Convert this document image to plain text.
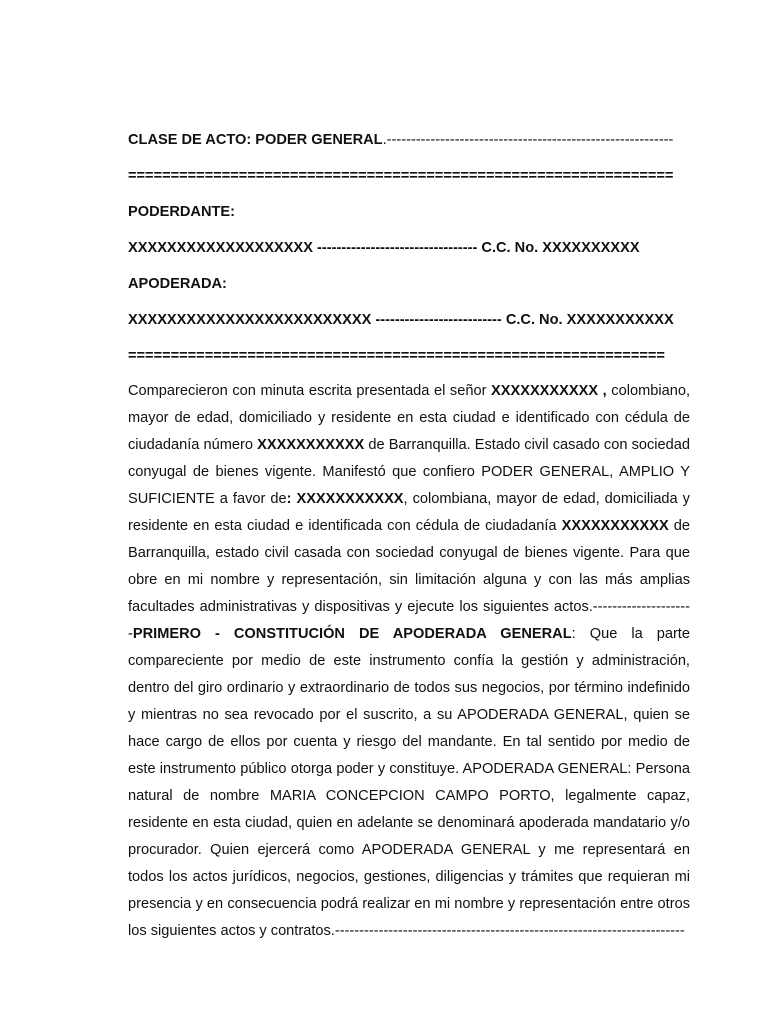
CLASE DE ACTO: PODER GENERAL.-----------------------------------------------------------
================================================================
PODERDANTE:
XXXXXXXXXXXXXXXXXXX --------------------------------- C.C. No. XXXXXXXXXX
APODERADA:
XXXXXXXXXXXXXXXXXXXXXXXXX -------------------------- C.C. No. XXXXXXXXXXX
===============================================================
Comparecieron con minuta escrita presentada el señor XXXXXXXXXXX , colombiano, mayor de edad, domiciliado y residente en esta ciudad e identificado con cédula de ciudadanía número XXXXXXXXXXX de Barranquilla. Estado civil casado con sociedad conyugal de bienes vigente. Manifestó que confiero PODER GENERAL, AMPLIO Y SUFICIENTE a favor de: XXXXXXXXXXX, colombiana, mayor de edad, domiciliada y residente en esta ciudad e identificada con cédula de ciudadanía XXXXXXXXXXX de Barranquilla, estado civil casada con sociedad conyugal de bienes vigente. Para que obre en mi nombre y representación, sin limitación alguna y con las más amplias facultades administrativas y dispositivas y ejecute los siguientes actos.-------------------- -PRIMERO - CONSTITUCIÓN DE APODERADA GENERAL: Que la parte compareciente por medio de este instrumento confía la gestión y administración, dentro del giro ordinario y extraordinario de todos sus negocios, por término indefinido y mientras no sea revocado por el suscrito, a su APODERADA GENERAL, quien se hace cargo de ellos por cuenta y riesgo del mandante. En tal sentido por medio de este instrumento público otorga poder y constituye. APODERADA GENERAL: Persona natural de nombre MARIA CONCEPCION CAMPO PORTO, legalmente capaz, residente en esta ciudad, quien en adelante se denominará apoderada mandatario y/o procurador. Quien ejercerá como APODERADA GENERAL y me representará en todos los actos jurídicos, negocios, gestiones, diligencias y trámites que requieran mi presencia y en consecuencia podrá realizar en mi nombre y representación entre otros los siguientes actos y contratos.------------------------------------------------------------------------
